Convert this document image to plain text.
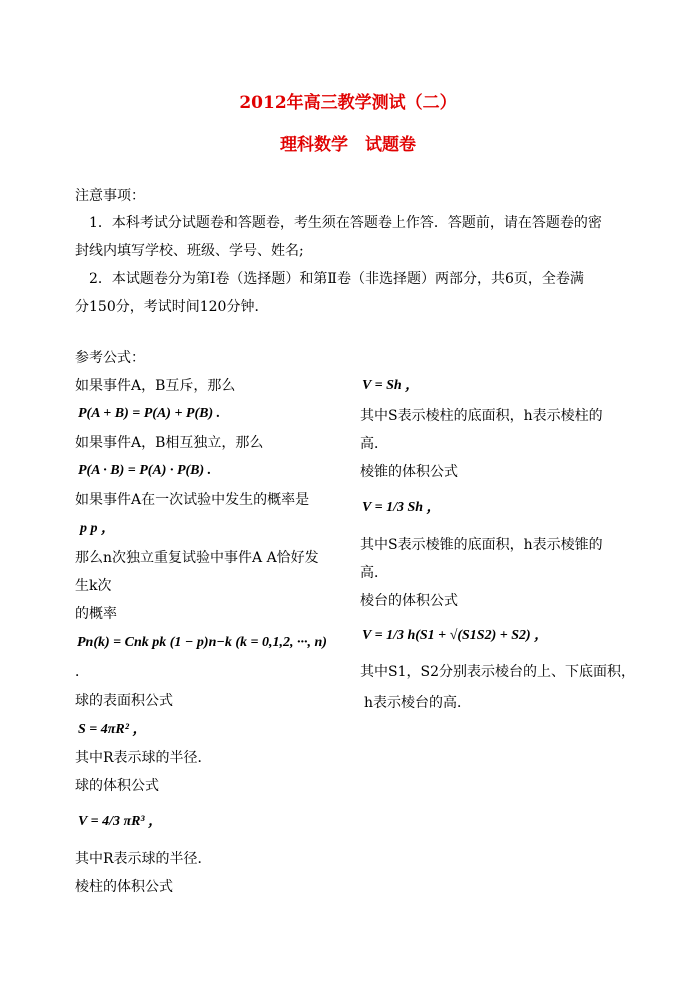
2012年高三教学测试（二）
理科数学　试题卷
注意事项：
1．本科考试分试题卷和答题卷，考生须在答题卷上作答．答题前，请在答题卷的密
封线内填写学校、班级、学号、姓名;
2．本试题卷分为第Ⅰ卷（选择题）和第Ⅱ卷（非选择题）两部分，共6页，全卷满
分150分，考试时间120分钟．
参考公式：
如果事件A，B互斥，那么
P(A + B) = P(A) + P(B) .
如果事件A，B相互独立，那么
P(A · B) = P(A) · P(B) .
如果事件A在一次试验中发生的概率是
p p ，
那么n次独立重复试验中事件A A恰好发
生k次
的概率
Pn(k) = Cnk pk (1 − p)n−k (k = 0,1,2, ···, n)
．
球的表面积公式
S = 4πR² ，
其中R表示球的半径．
球的体积公式
V = 4/3 πR³ ，
其中R表示球的半径．
棱柱的体积公式
V = Sh ，
其中S表示棱柱的底面积，h表示棱柱的
高．
棱锥的体积公式
V = 1/3 Sh ，
其中S表示棱锥的底面积，h表示棱锥的
高．
棱台的体积公式
V = 1/3 h(S1 + √(S1S2) + S2) ，
其中S1，S2分别表示棱台的上、下底面积，
h表示棱台的高．
